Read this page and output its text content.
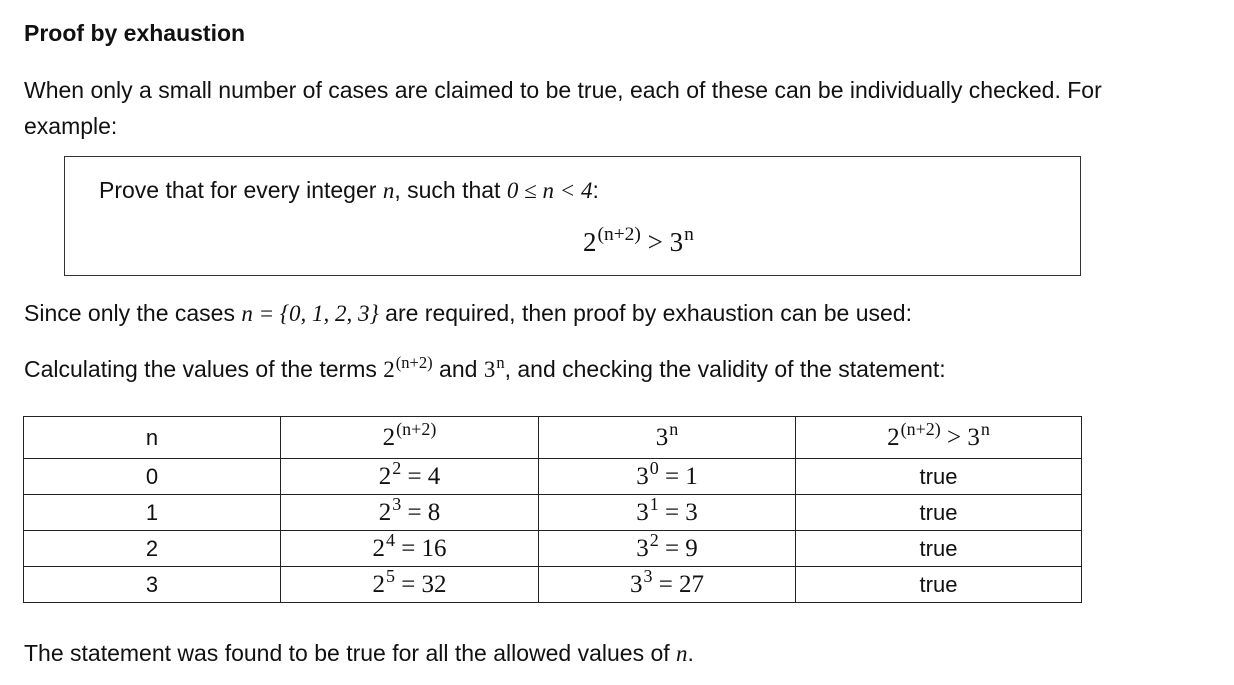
Proof by exhaustion
When only a small number of cases are claimed to be true, each of these can be individually checked. For example:
Prove that for every integer n, such that 0 ≤ n < 4:
$2^{(n+2)} > 3^n$
Since only the cases n = {0, 1, 2, 3} are required, then proof by exhaustion can be used:
Calculating the values of the terms $2^{(n+2)}$ and 3$^n$, and checking the validity of the statement:
n	$2^{(n+2)}$	3$^n$	$2^{(n+2)} > 3^n$
0	$2^2 = 4$	$3^0 = 1$	true
1	$2^3 = 8$	$3^1 = 3$	true
2	$2^4 = 16$	$3^2 = 9$	true
3	$2^5 = 32$	$3^3 = 27$	true
The statement was found to be true for all the allowed values of n.
